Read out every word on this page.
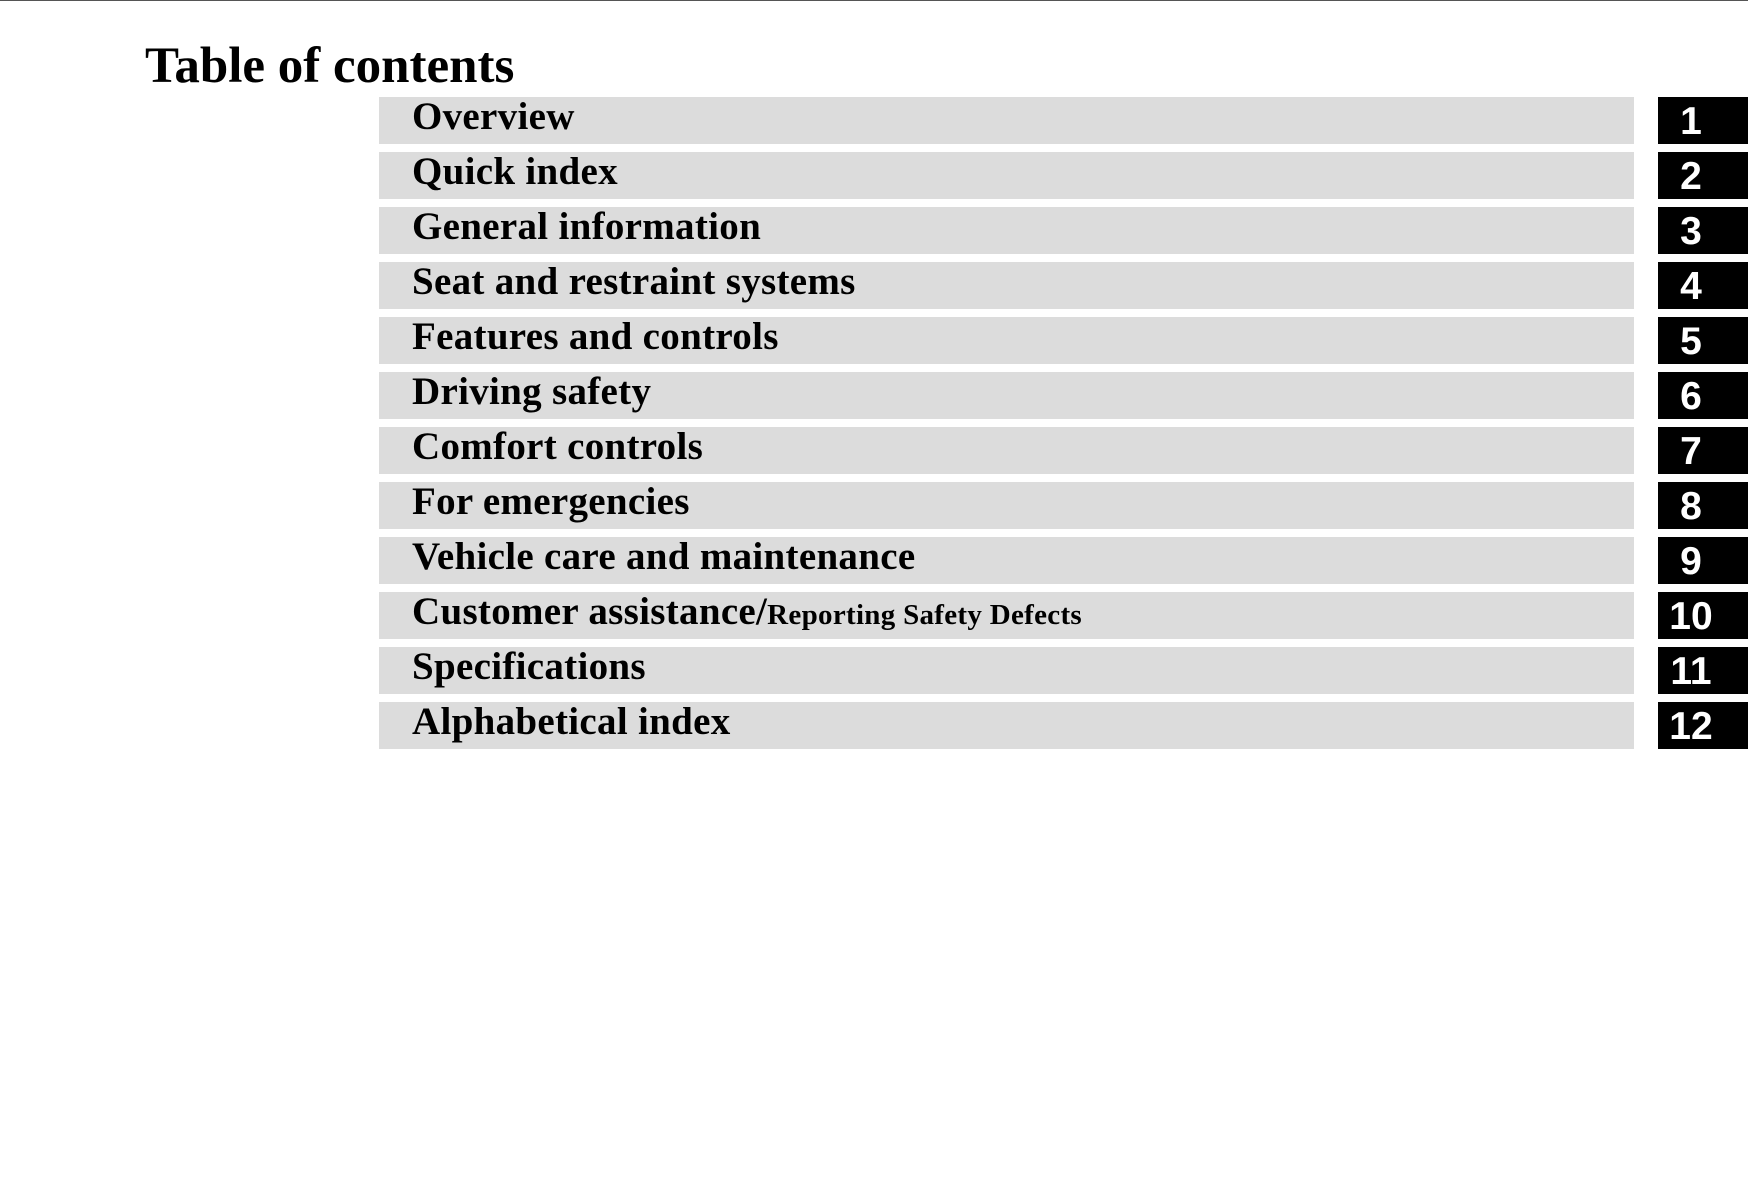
Table of contents
Overview	1
Quick index	2
General information	3
Seat and restraint systems	4
Features and controls	5
Driving safety	6
Comfort controls	7
For emergencies	8
Vehicle care and maintenance	9
Customer assistance/Reporting Safety Defects	10
Specifications	11
Alphabetical index	12
